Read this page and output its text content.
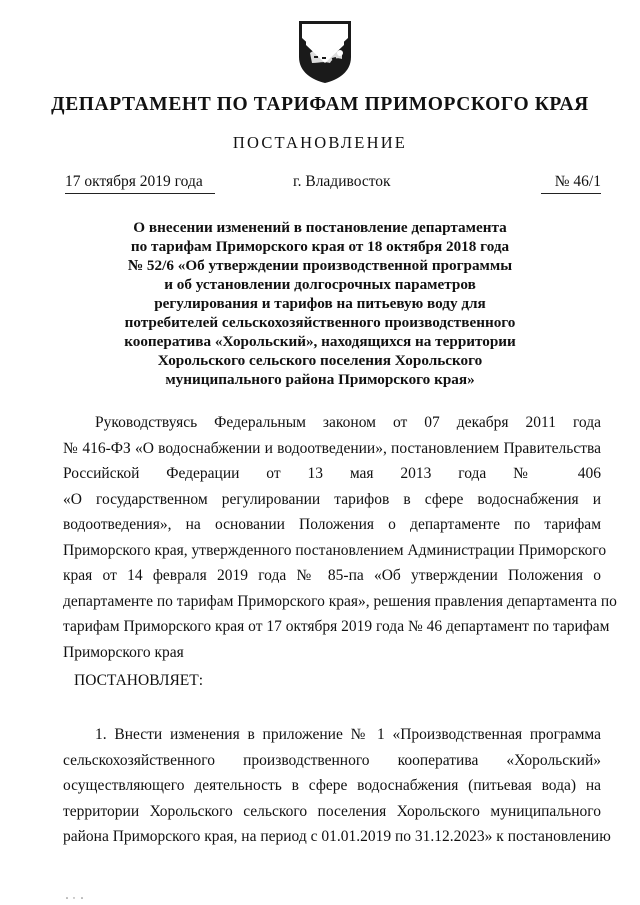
ДЕПАРТАМЕНТ ПО ТАРИФАМ ПРИМОРСКОГО КРАЯ
ПОСТАНОВЛЕНИЕ
17 октября 2019 года	г. Владивосток	№ 46/1
О внесении изменений в постановление департамента
по тарифам Приморского края от 18 октября 2018 года
№ 52/6 «Об утверждении производственной программы
и об установлении долгосрочных параметров
регулирования и тарифов на питьевую воду для
потребителей сельскохозяйственного производственного
кооператива «Хорольский», находящихся на территории
Хорольского сельского поселения Хорольского
муниципального района Приморского края»
Руководствуясь Федеральным законом от 07 декабря 2011 года
№ 416-ФЗ «О водоснабжении и водоотведении», постановлением Правительства
Российской Федерации от 13 мая 2013 года № 406
«О государственном регулировании тарифов в сфере водоснабжения и
водоотведения», на основании Положения о департаменте по тарифам
Приморского края, утвержденного постановлением Администрации Приморского
края от 14 февраля 2019 года № 85-па «Об утверждении Положения о
департаменте по тарифам Приморского края», решения правления департамента по
тарифам Приморского края от 17 октября 2019 года № 46 департамент по тарифам
Приморского края
ПОСТАНОВЛЯЕТ:
1. Внести изменения в приложение № 1 «Производственная программа
сельскохозяйственного производственного кооператива «Хорольский»
осуществляющего деятельность в сфере водоснабжения (питьевая вода) на
территории Хорольского сельского поселения Хорольского муниципального
района Приморского края, на период с 01.01.2019 по 31.12.2023» к постановлению
